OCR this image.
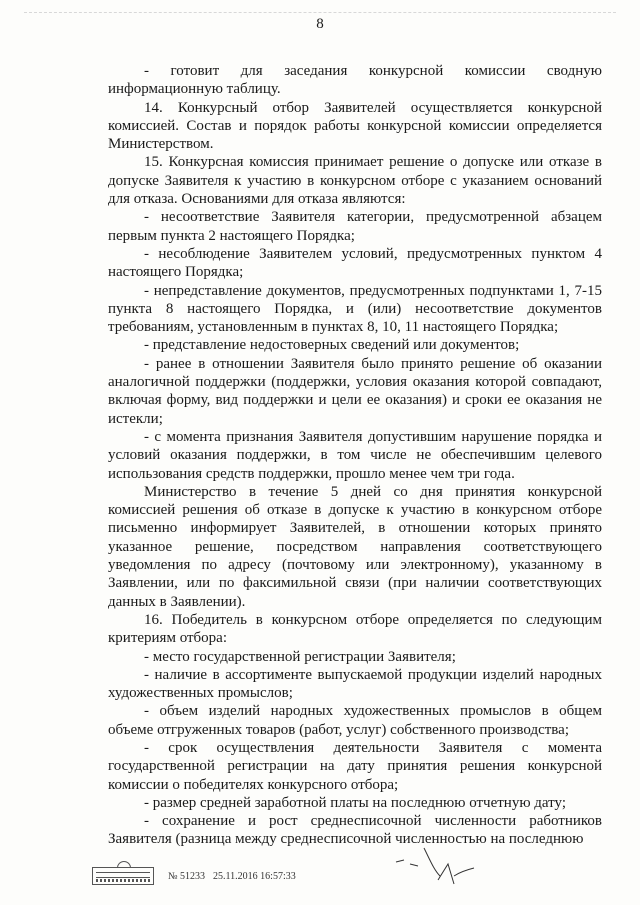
8

- готовит для заседания конкурсной комиссии сводную информационную таблицу.

14. Конкурсный отбор Заявителей осуществляется конкурсной комиссией. Состав и порядок работы конкурсной комиссии определяется Министерством.

15. Конкурсная комиссия принимает решение о допуске или отказе в допуске Заявителя к участию в конкурсном отборе с указанием оснований для отказа. Основаниями для отказа являются:

- несоответствие Заявителя категории, предусмотренной абзацем первым пункта 2 настоящего Порядка;

- несоблюдение Заявителем условий, предусмотренных пунктом 4 настоящего Порядка;

- непредставление документов, предусмотренных подпунктами 1, 7-15 пункта 8 настоящего Порядка, и (или) несоответствие документов требованиям, установленным в пунктах 8, 10, 11 настоящего Порядка;

- представление недостоверных сведений или документов;

- ранее в отношении Заявителя было принято решение об оказании аналогичной поддержки (поддержки, условия оказания которой совпадают, включая форму, вид поддержки и цели ее оказания) и сроки ее оказания не истекли;

- с момента признания Заявителя допустившим нарушение порядка и условий оказания поддержки, в том числе не обеспечившим целевого использования средств поддержки, прошло менее чем три года.

Министерство в течение 5 дней со дня принятия конкурсной комиссией решения об отказе в допуске к участию в конкурсном отборе письменно информирует Заявителей, в отношении которых принято указанное решение, посредством направления соответствующего уведомления по адресу (почтовому или электронному), указанному в Заявлении, или по факсимильной связи (при наличии соответствующих данных в Заявлении).

16. Победитель в конкурсном отборе определяется по следующим критериям отбора:

- место государственной регистрации Заявителя;

- наличие в ассортименте выпускаемой продукции изделий народных художественных промыслов;

- объем изделий народных художественных промыслов в общем объеме отгруженных товаров (работ, услуг) собственного производства;

- срок осуществления деятельности Заявителя с момента государственной регистрации на дату принятия решения конкурсной комиссии о победителях конкурсного отбора;

- размер средней заработной платы на последнюю отчетную дату;

- сохранение и рост среднесписочной численности работников Заявителя (разница между среднесписочной численностью на последнюю

№ 51233 25.11.2016 16:57:33
